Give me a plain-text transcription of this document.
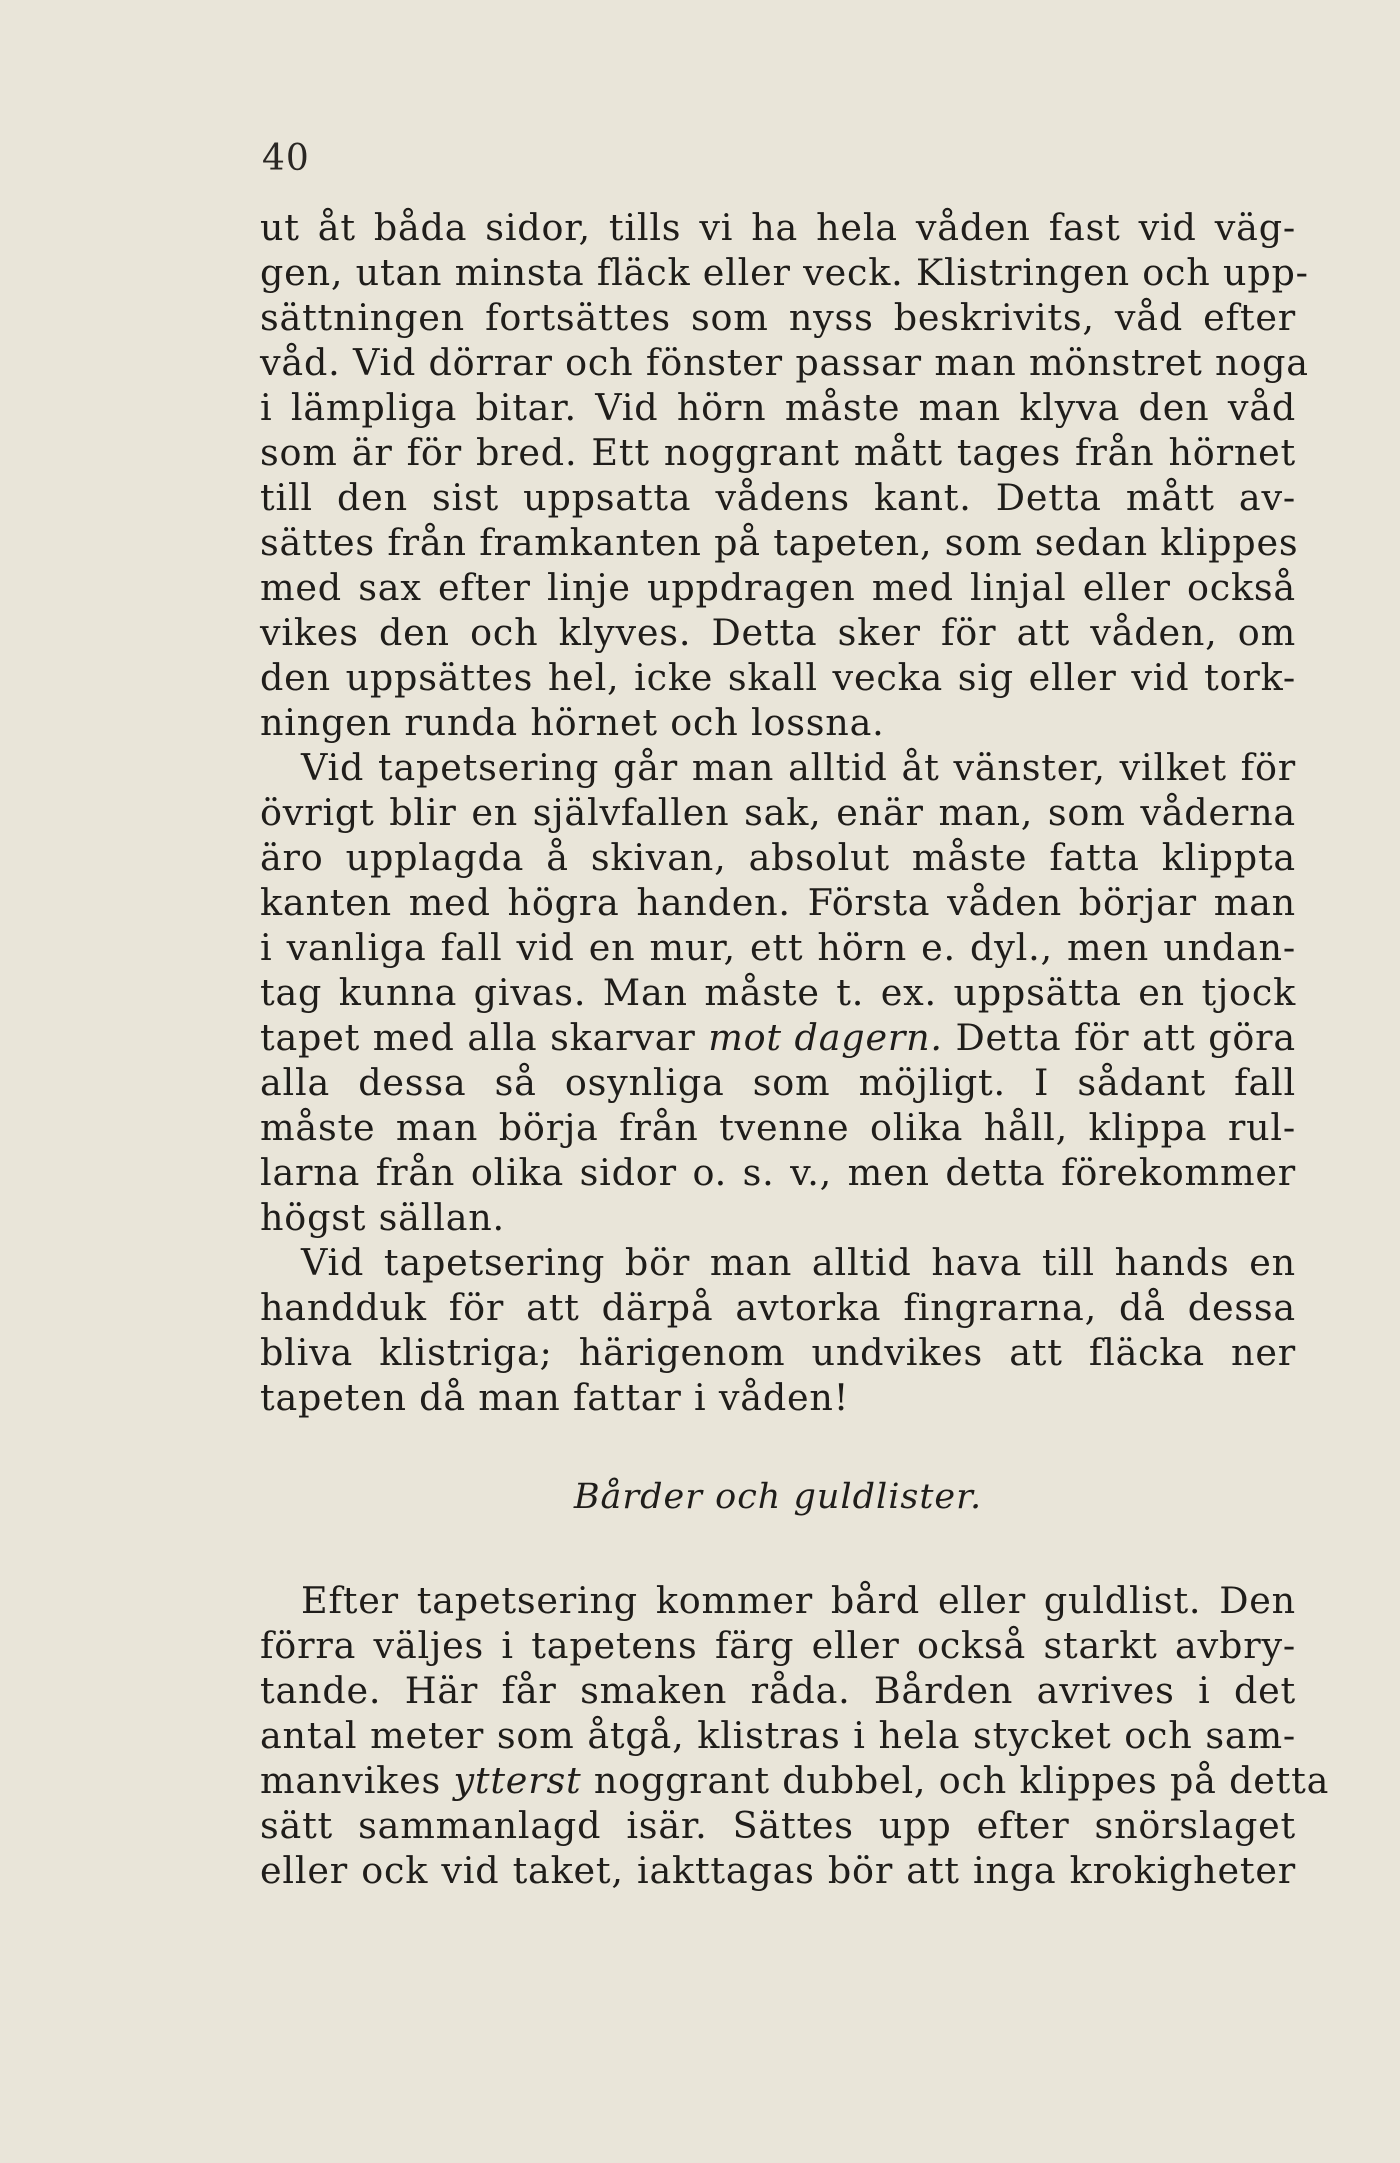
40
ut åt båda sidor, tills vi ha hela våden fast vid väg-
gen, utan minsta fläck eller veck. Klistringen och upp-
sättningen fortsättes som nyss beskrivits, våd efter
våd. Vid dörrar och fönster passar man mönstret noga
i lämpliga bitar. Vid hörn måste man klyva den våd
som är för bred. Ett noggrant mått tages från hörnet
till den sist uppsatta vådens kant. Detta mått av-
sättes från framkanten på tapeten, som sedan klippes
med sax efter linje uppdragen med linjal eller också
vikes den och klyves. Detta sker för att våden, om
den uppsättes hel, icke skall vecka sig eller vid tork-
ningen runda hörnet och lossna.
Vid tapetsering går man alltid åt vänster, vilket för
övrigt blir en självfallen sak, enär man, som våderna
äro upplagda å skivan, absolut måste fatta klippta
kanten med högra handen. Första våden börjar man
i vanliga fall vid en mur, ett hörn e. dyl., men undan-
tag kunna givas. Man måste t. ex. uppsätta en tjock
tapet med alla skarvar mot dagern. Detta för att göra
alla dessa så osynliga som möjligt. I sådant fall
måste man börja från tvenne olika håll, klippa rul-
larna från olika sidor o. s. v., men detta förekommer
högst sällan.
Vid tapetsering bör man alltid hava till hands en
handduk för att därpå avtorka fingrarna, då dessa
bliva klistriga; härigenom undvikes att fläcka ner
tapeten då man fattar i våden!
Bårder och guldlister.
Efter tapetsering kommer bård eller guldlist. Den
förra väljes i tapetens färg eller också starkt avbry-
tande. Här får smaken råda. Bården avrives i det
antal meter som åtgå, klistras i hela stycket och sam-
manvikes ytterst noggrant dubbel, och klippes på detta
sätt sammanlagd isär. Sättes upp efter snörslaget
eller ock vid taket, iakttagas bör att inga krokigheter
